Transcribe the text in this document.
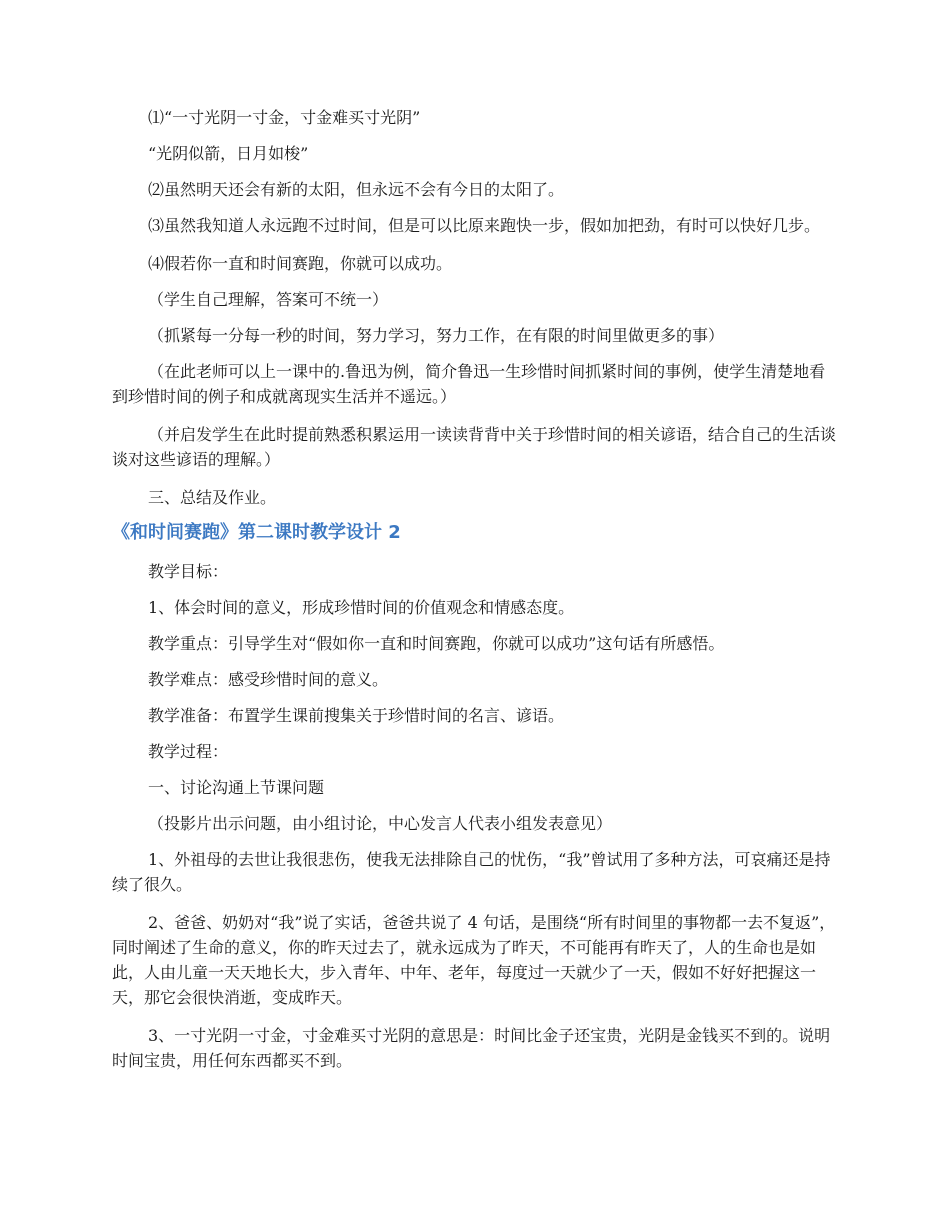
⑴“一寸光阴一寸金，寸金难买寸光阴”

“光阴似箭，日月如梭”

⑵虽然明天还会有新的太阳，但永远不会有今日的太阳了。

⑶虽然我知道人永远跑不过时间，但是可以比原来跑快一步，假如加把劲，有时可以快好几步。

⑷假若你一直和时间赛跑，你就可以成功。

（学生自己理解，答案可不统一）

（抓紧每一分每一秒的时间，努力学习，努力工作，在有限的时间里做更多的事）

（在此老师可以上一课中的.鲁迅为例，简介鲁迅一生珍惜时间抓紧时间的事例，使学生清楚地看到珍惜时间的例子和成就离现实生活并不遥远。）

（并启发学生在此时提前熟悉积累运用一读读背背中关于珍惜时间的相关谚语，结合自己的生活谈谈对这些谚语的理解。）

三、总结及作业。

《和时间赛跑》第二课时教学设计 2

教学目标：

1、体会时间的意义，形成珍惜时间的价值观念和情感态度。

教学重点：引导学生对“假如你一直和时间赛跑，你就可以成功”这句话有所感悟。

教学难点：感受珍惜时间的意义。

教学准备：布置学生课前搜集关于珍惜时间的名言、谚语。

教学过程：

一、讨论沟通上节课问题

（投影片出示问题，由小组讨论，中心发言人代表小组发表意见）

1、外祖母的去世让我很悲伤，使我无法排除自己的忧伤，“我”曾试用了多种方法，可哀痛还是持续了很久。

2、爸爸、奶奶对“我”说了实话，爸爸共说了 4 句话，是围绕“所有时间里的事物都一去不复返”，同时阐述了生命的意义，你的昨天过去了，就永远成为了昨天，不可能再有昨天了，人的生命也是如此，人由儿童一天天地长大，步入青年、中年、老年，每度过一天就少了一天，假如不好好把握这一天，那它会很快消逝，变成昨天。

3、一寸光阴一寸金，寸金难买寸光阴的意思是：时间比金子还宝贵，光阴是金钱买不到的。说明时间宝贵，用任何东西都买不到。
